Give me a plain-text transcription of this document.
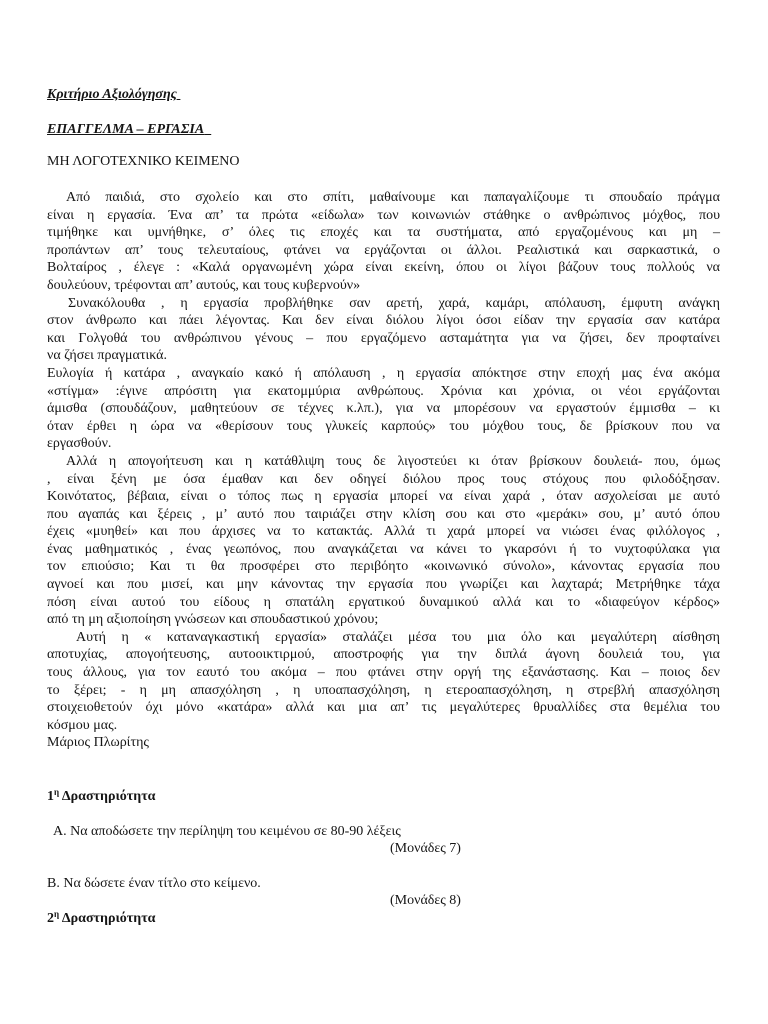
Κριτήριο Αξιολόγησης
ΕΠΑΓΓΕΛΜΑ – ΕΡΓΑΣΙΑ
ΜΗ ΛΟΓΟΤΕΧΝΙΚΟ ΚΕΙΜΕΝΟ
Από παιδιά, στο σχολείο και στο σπίτι, μαθαίνουμε και παπαγαλίζουμε τι σπουδαίο πράγμα
είναι η εργασία. Ένα απ’ τα πρώτα «είδωλα» των κοινωνιών στάθηκε ο ανθρώπινος μόχθος, που
τιμήθηκε και υμνήθηκε, σ’ όλες τις εποχές και τα συστήματα, από εργαζομένους και μη –
προπάντων απ’ τους τελευταίους, φτάνει να εργάζονται οι άλλοι. Ρεαλιστικά και σαρκαστικά, ο
Βολταίρος , έλεγε : «Καλά οργανωμένη χώρα είναι εκείνη, όπου οι λίγοι βάζουν τους πολλούς να
δουλεύουν, τρέφονται απ’ αυτούς, και τους κυβερνούν»
Συνακόλουθα , η εργασία προβλήθηκε σαν αρετή, χαρά, καμάρι, απόλαυση, έμφυτη ανάγκη
στον άνθρωπο και πάει λέγοντας. Και δεν είναι διόλου λίγοι όσοι είδαν την εργασία σαν κατάρα
και Γολγοθά του ανθρώπινου γένους – που εργαζόμενο ασταμάτητα για να ζήσει, δεν προφταίνει
να ζήσει πραγματικά.
Ευλογία ή κατάρα , αναγκαίο κακό ή απόλαυση , η εργασία απόκτησε στην εποχή μας ένα ακόμα
«στίγμα» :έγινε απρόσιτη για εκατομμύρια ανθρώπους. Χρόνια και χρόνια, οι νέοι εργάζονται
άμισθα (σπουδάζουν, μαθητεύουν σε τέχνες κ.λπ.), για να μπορέσουν να εργαστούν έμμισθα – κι
όταν έρθει η ώρα να «θερίσουν τους γλυκείς καρπούς» του μόχθου τους, δε βρίσκουν που να
εργασθούν.
Αλλά η απογοήτευση και η κατάθλιψη τους δε λιγοστεύει κι όταν βρίσκουν δουλειά- που, όμως
, είναι ξένη με όσα έμαθαν και δεν οδηγεί διόλου προς τους στόχους που φιλοδόξησαν.
Κοινότατος, βέβαια, είναι ο τόπος πως η εργασία μπορεί να είναι χαρά , όταν ασχολείσαι με αυτό
που αγαπάς και ξέρεις , μ’ αυτό που ταιριάζει στην κλίση σου και στο «μεράκι» σου, μ’ αυτό όπου
έχεις «μυηθεί» και που άρχισες να το κατακτάς. Αλλά τι χαρά μπορεί να νιώσει ένας φιλόλογος ,
ένας μαθηματικός , ένας γεωπόνος, που αναγκάζεται να κάνει το γκαρσόνι ή το νυχτοφύλακα για
τον επιούσιο; Και τι θα προσφέρει στο περιβόητο «κοινωνικό σύνολο», κάνοντας εργασία που
αγνοεί και που μισεί, και μην κάνοντας την εργασία που γνωρίζει και λαχταρά; Μετρήθηκε τάχα
πόση είναι αυτού του είδους η σπατάλη εργατικού δυναμικού αλλά και το «διαφεύγον κέρδος»
από τη μη αξιοποίηση γνώσεων και σπουδαστικού χρόνου;
Αυτή η « καταναγκαστική εργασία» σταλάζει μέσα του μια όλο και μεγαλύτερη αίσθηση
αποτυχίας, απογοήτευσης, αυτοοικτιρμού, αποστροφής για την διπλά άγονη δουλειά του, για
τους άλλους, για τον εαυτό του ακόμα – που φτάνει στην οργή της εξανάστασης. Και – ποιος δεν
το ξέρει; - η μη απασχόληση , η υποαπασχόληση, η ετεροαπασχόληση, η στρεβλή απασχόληση
στοιχειοθετούν όχι μόνο «κατάρα» αλλά και μια απ’ τις μεγαλύτερες θρυαλλίδες στα θεμέλια του
κόσμου μας.
Μάριος Πλωρίτης
$1^\eta$ Δραστηριότητα
Α. Να αποδώσετε την περίληψη του κειμένου σε 80-90 λέξεις
(Μονάδες 7)
Β. Να δώσετε έναν τίτλο στο κείμενο.
(Μονάδες 8)
$2^\eta$ Δραστηριότητα
